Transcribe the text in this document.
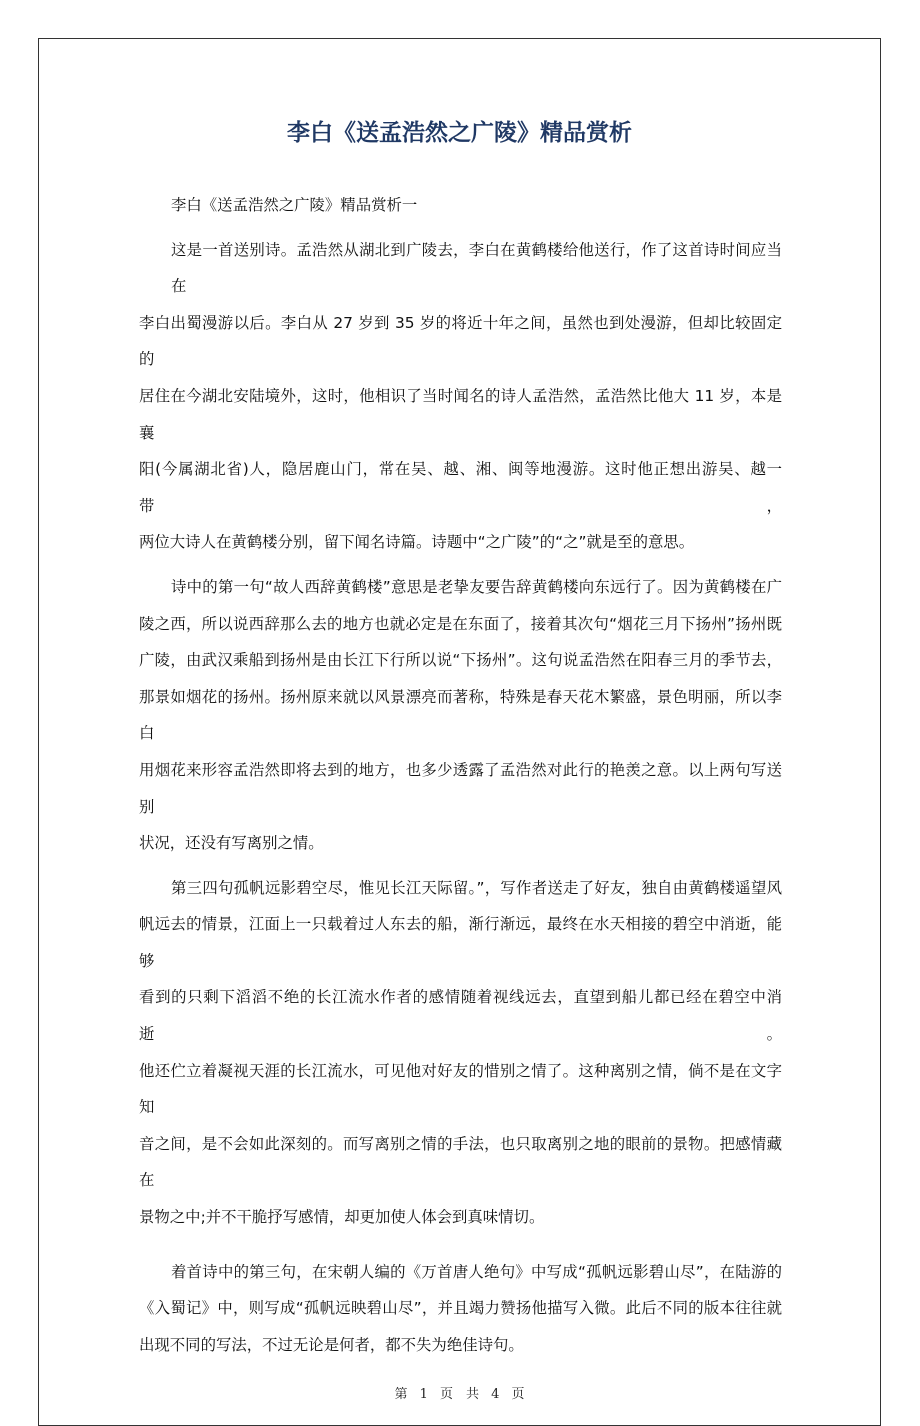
李白《送孟浩然之广陵》精品赏析
李白《送孟浩然之广陵》精品赏析一
这是一首送别诗。孟浩然从湖北到广陵去，李白在黄鹤楼给他送行，作了这首诗时间应当在
李白出蜀漫游以后。李白从 27 岁到 35 岁的将近十年之间，虽然也到处漫游，但却比较固定的
居住在今湖北安陆境外，这时，他相识了当时闻名的诗人孟浩然，孟浩然比他大 11 岁，本是襄
阳(今属湖北省)人，隐居鹿山门，常在吴、越、湘、闽等地漫游。这时他正想出游吴、越一带，
两位大诗人在黄鹤楼分别，留下闻名诗篇。诗题中“之广陵”的“之”就是至的意思。
诗中的第一句“故人西辞黄鹤楼”意思是老挚友要告辞黄鹤楼向东远行了。因为黄鹤楼在广
陵之西，所以说西辞那么去的地方也就必定是在东面了，接着其次句“烟花三月下扬州”扬州既
广陵，由武汉乘船到扬州是由长江下行所以说“下扬州”。这句说孟浩然在阳春三月的季节去，
那景如烟花的扬州。扬州原来就以风景漂亮而著称，特殊是春天花木繁盛，景色明丽，所以李白
用烟花来形容孟浩然即将去到的地方，也多少透露了孟浩然对此行的艳羡之意。以上两句写送别
状况，还没有写离别之情。
第三四句孤帆远影碧空尽，惟见长江天际留。”，写作者送走了好友，独自由黄鹤楼遥望风
帆远去的情景，江面上一只载着过人东去的船，渐行渐远，最终在水天相接的碧空中消逝，能够
看到的只剩下滔滔不绝的长江流水作者的感情随着视线远去，直望到船儿都已经在碧空中消逝。
他还伫立着凝视天涯的长江流水，可见他对好友的惜别之情了。这种离别之情，倘不是在文字知
音之间，是不会如此深刻的。而写离别之情的手法，也只取离别之地的眼前的景物。把感情藏在
景物之中;并不干脆抒写感情，却更加使人体会到真味情切。
着首诗中的第三句，在宋朝人编的《万首唐人绝句》中写成“孤帆远影碧山尽”，在陆游的
《入蜀记》中，则写成“孤帆远映碧山尽”，并且竭力赞扬他描写入微。此后不同的版本往往就
出现不同的写法，不过无论是何者，都不失为绝佳诗句。
第 1 页　共 4 页
